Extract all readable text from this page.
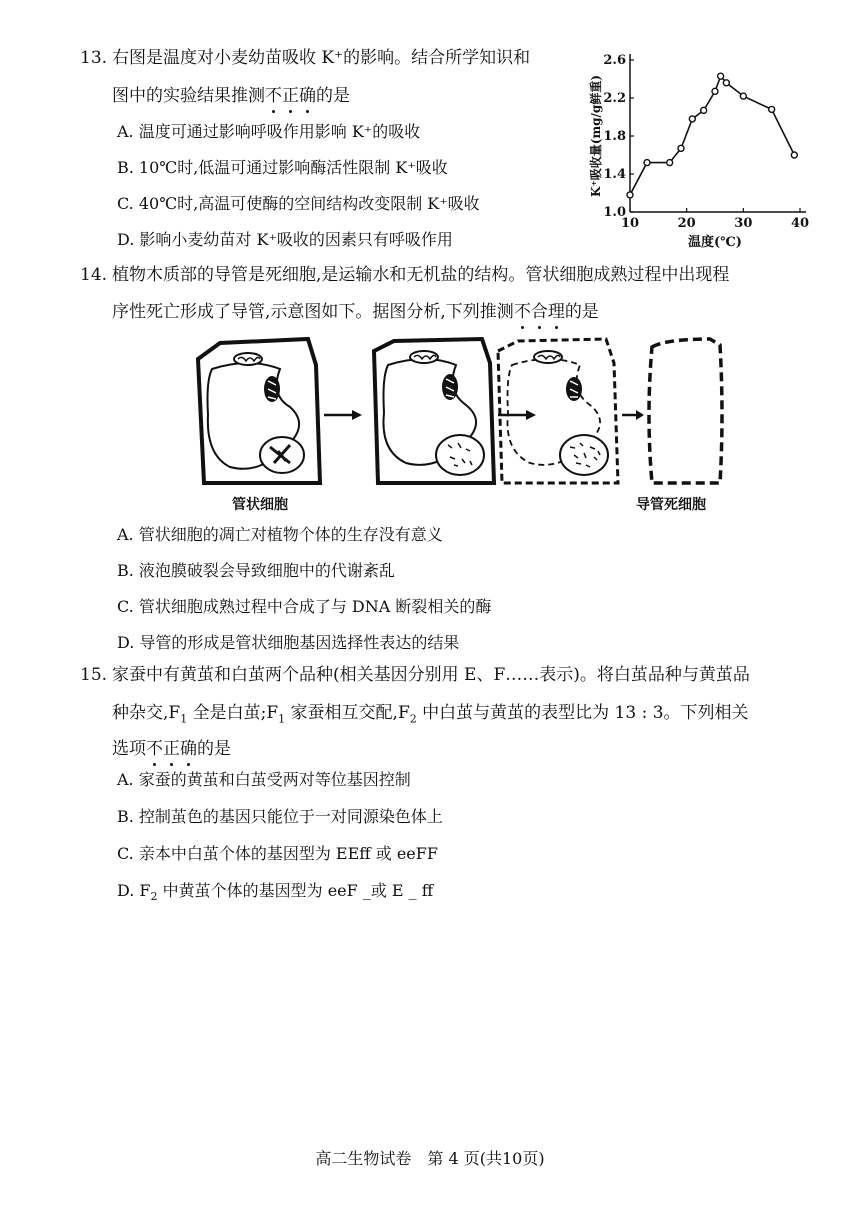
13. 右图是温度对小麦幼苗吸收 K⁺的影响。结合所学知识和
图中的实验结果推测不正确的是
A. 温度可通过影响呼吸作用影响 K⁺的吸收
B. 10℃时,低温可通过影响酶活性限制 K⁺吸收
C. 40℃时,高温可使酶的空间结构改变限制 K⁺吸收
D. 影响小麦幼苗对 K⁺吸收的因素只有呼吸作用
1.0
1.4
1.8
2.2
2.6
10	20	30	40
温度(℃)
K⁺吸收量(mg/g鲜重)
14. 植物木质部的导管是死细胞,是运输水和无机盐的结构。管状细胞成熟过程中出现程
序性死亡形成了导管,示意图如下。据图分析,下列推测不合理的是
管状细胞	导管死细胞
A. 管状细胞的凋亡对植物个体的生存没有意义
B. 液泡膜破裂会导致细胞中的代谢紊乱
C. 管状细胞成熟过程中合成了与 DNA 断裂相关的酶
D. 导管的形成是管状细胞基因选择性表达的结果
15. 家蚕中有黄茧和白茧两个品种(相关基因分别用 E、F……表示)。将白茧品种与黄茧品
种杂交$,F_1$ 全是白茧$;F_1$ 家蚕相互交配$,F_2$ 中白茧与黄茧的表型比为 13 : 3。下列相关
选项不正确的是
A. 家蚕的黄茧和白茧受两对等位基因控制
B. 控制茧色的基因只能位于一对同源染色体上
C. 亲本中白茧个体的基因型为 EEff 或 eeFF
D. $F_2$ 中黄茧个体的基因型为 eeF _或 E _ ff
高二生物试卷　第 4 页(共10页)
